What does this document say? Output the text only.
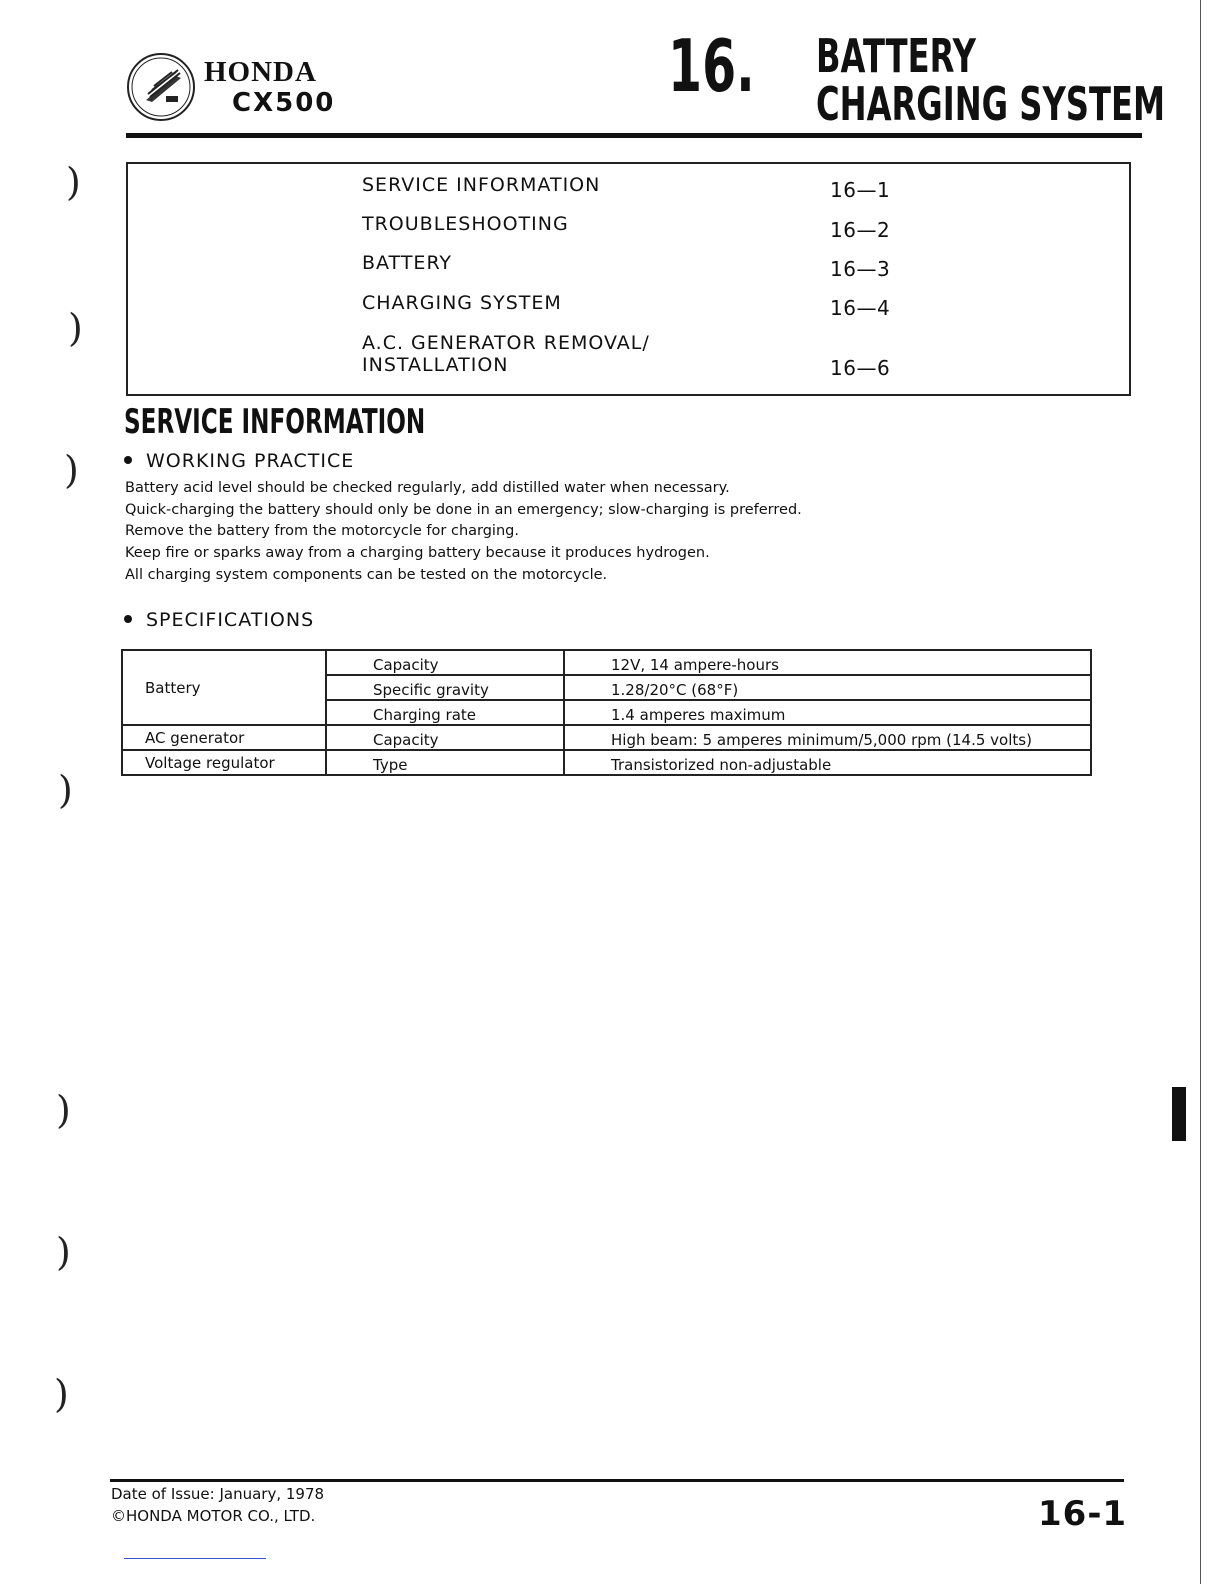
HONDA
CX500	16. BATTERY
CHARGING SYSTEM
SERVICE INFORMATION	16—1
TROUBLESHOOTING	16—2
BATTERY	16—3
CHARGING SYSTEM	16—4
A.C. GENERATOR REMOVAL/
INSTALLATION	16—6
SERVICE INFORMATION
WORKING PRACTICE
Battery acid level should be checked regularly, add distilled water when necessary.
Quick-charging the battery should only be done in an emergency; slow-charging is preferred.
Remove the battery from the motorcycle for charging.
Keep fire or sparks away from a charging battery because it produces hydrogen.
All charging system components can be tested on the motorcycle.
SPECIFICATIONS
Battery	Capacity	12V, 14 ampere-hours
	Specific gravity	1.28/20°C (68°F)
	Charging rate	1.4 amperes maximum
AC generator	Capacity	High beam: 5 amperes minimum/5,000 rpm (14.5 volts)
Voltage regulator	Type	Transistorized non-adjustable
)
)
)
)
)
)
)
Date of Issue: January, 1978
©HONDA MOTOR CO., LTD.	16-1
